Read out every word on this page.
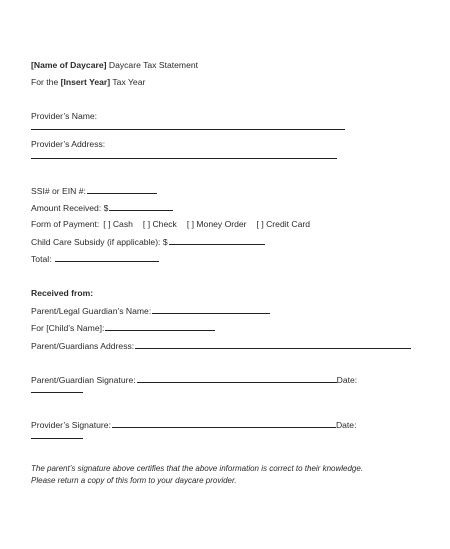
[Name of Daycare] Daycare Tax Statement
For the [Insert Year] Tax Year
Provider’s Name:
Provider’s Address:
SSI# or EIN #:
Amount Received: $
Form of Payment: [ ] Cash [ ] Check [ ] Money Order [ ] Credit Card
Child Care Subsidy (if applicable): $
Total:
Received from:
Parent/Legal Guardian’s Name:
For [Child’s Name]:
Parent/Guardians Address:
Parent/Guardian Signature:	Date:
Provider’s Signature:	Date:
The parent’s signature above certifies that the above information is correct to their knowledge.
Please return a copy of this form to your daycare provider.
